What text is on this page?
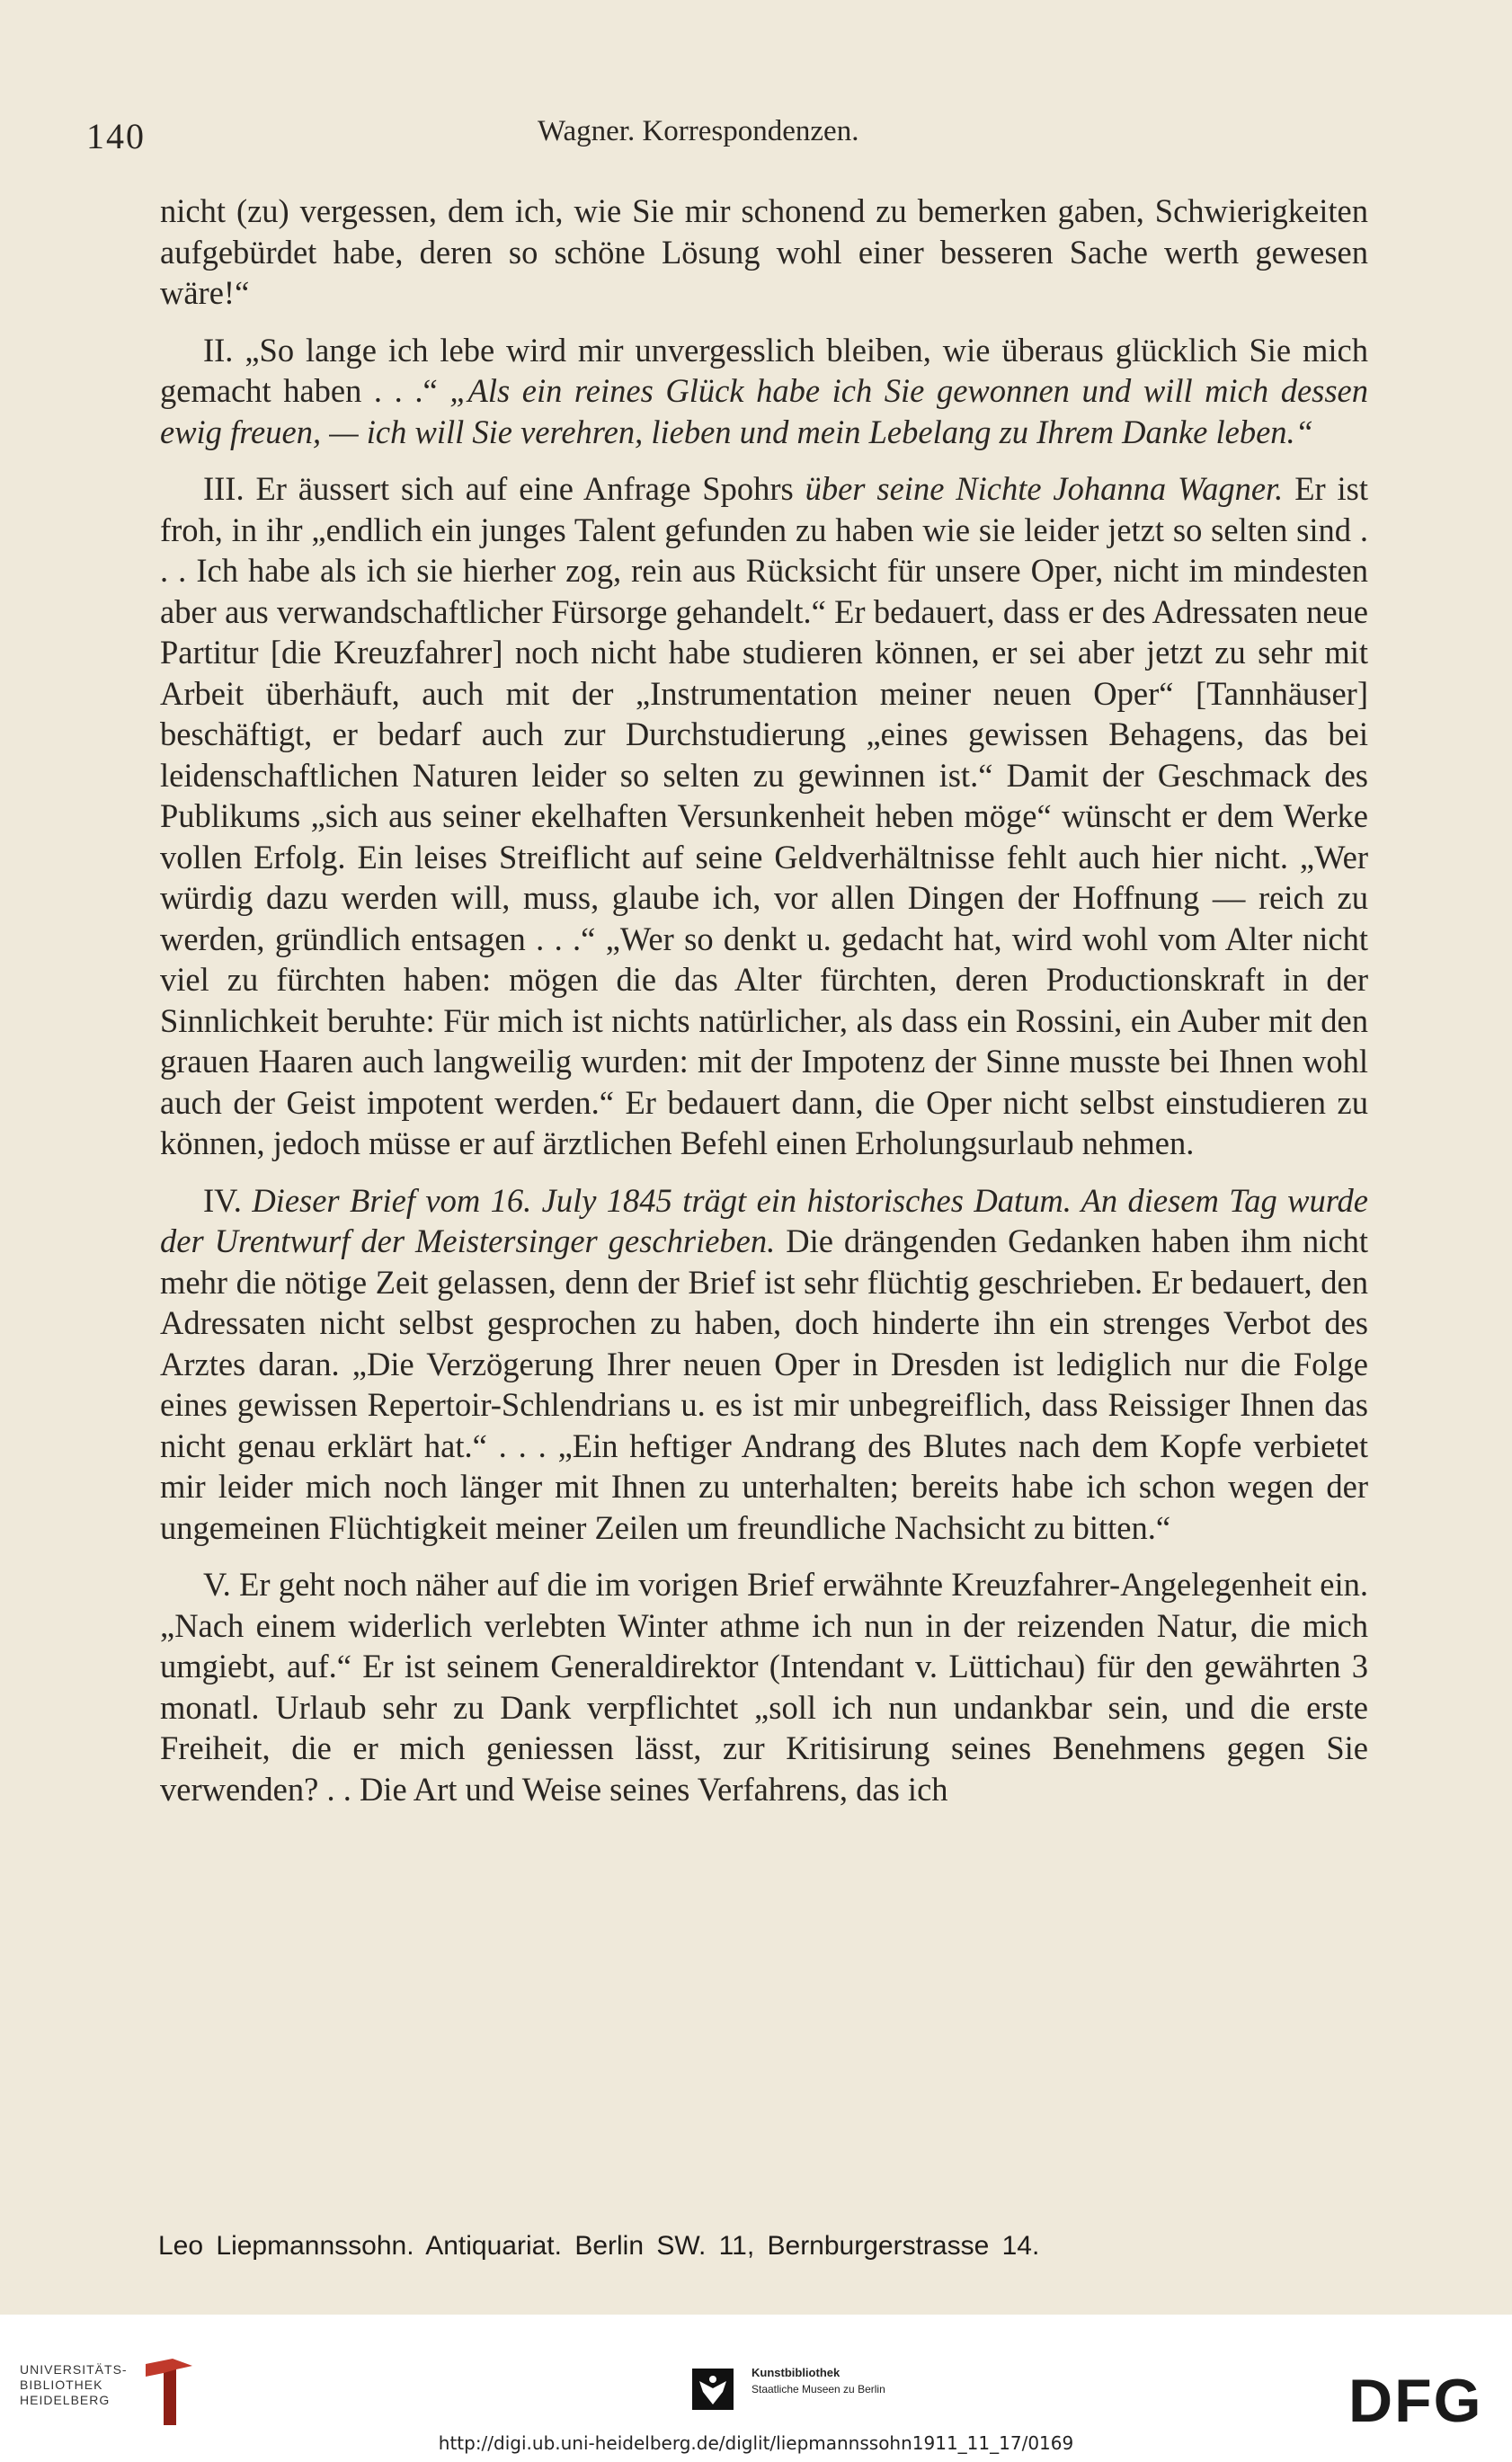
140	Wagner. Korrespondenzen.

nicht (zu) vergessen, dem ich, wie Sie mir schonend zu bemerken gaben, Schwierigkeiten aufgebürdet habe, deren so schöne Lösung wohl einer besseren Sache werth gewesen wäre!“

II. „So lange ich lebe wird mir unvergesslich bleiben, wie überaus glücklich Sie mich gemacht haben . . .“ „Als ein reines Glück habe ich Sie gewonnen und will mich dessen ewig freuen, — ich will Sie verehren, lieben und mein Lebelang zu Ihrem Danke leben.“

III. Er äussert sich auf eine Anfrage Spohrs über seine Nichte Johanna Wagner. Er ist froh, in ihr „endlich ein junges Talent gefunden zu haben wie sie leider jetzt so selten sind . . . Ich habe als ich sie hierher zog, rein aus Rücksicht für unsere Oper, nicht im mindesten aber aus verwandschaftlicher Fürsorge gehandelt.“ Er bedauert, dass er des Adressaten neue Partitur [die Kreuzfahrer] noch nicht habe studieren können, er sei aber jetzt zu sehr mit Arbeit überhäuft, auch mit der „Instrumentation meiner neuen Oper“ [Tannhäuser] beschäftigt, er bedarf auch zur Durchstudierung „eines gewissen Behagens, das bei leidenschaftlichen Naturen leider so selten zu gewinnen ist.“ Damit der Geschmack des Publikums „sich aus seiner ekelhaften Versunkenheit heben möge“ wünscht er dem Werke vollen Erfolg. Ein leises Streiflicht auf seine Geldverhältnisse fehlt auch hier nicht. „Wer würdig dazu werden will, muss, glaube ich, vor allen Dingen der Hoffnung — reich zu werden, gründlich entsagen . . .“ „Wer so denkt u. gedacht hat, wird wohl vom Alter nicht viel zu fürchten haben: mögen die das Alter fürchten, deren Productionskraft in der Sinnlichkeit beruhte: Für mich ist nichts natürlicher, als dass ein Rossini, ein Auber mit den grauen Haaren auch langweilig wurden: mit der Impotenz der Sinne musste bei Ihnen wohl auch der Geist impotent werden.“ Er bedauert dann, die Oper nicht selbst einstudieren zu können, jedoch müsse er auf ärztlichen Befehl einen Erholungsurlaub nehmen.

IV. Dieser Brief vom 16. July 1845 trägt ein historisches Datum. An diesem Tag wurde der Urentwurf der Meistersinger geschrieben. Die drängenden Gedanken haben ihm nicht mehr die nötige Zeit gelassen, denn der Brief ist sehr flüchtig geschrieben. Er bedauert, den Adressaten nicht selbst gesprochen zu haben, doch hinderte ihn ein strenges Verbot des Arztes daran. „Die Verzögerung Ihrer neuen Oper in Dresden ist lediglich nur die Folge eines gewissen Repertoir-Schlendrians u. es ist mir unbegreiflich, dass Reissiger Ihnen das nicht genau erklärt hat.“ . . . „Ein heftiger Andrang des Blutes nach dem Kopfe verbietet mir leider mich noch länger mit Ihnen zu unterhalten; bereits habe ich schon wegen der ungemeinen Flüchtigkeit meiner Zeilen um freundliche Nachsicht zu bitten.“

V. Er geht noch näher auf die im vorigen Brief erwähnte Kreuzfahrer-Angelegenheit ein. „Nach einem widerlich verlebten Winter athme ich nun in der reizenden Natur, die mich umgiebt, auf.“ Er ist seinem Generaldirektor (Intendant v. Lüttichau) für den gewährten 3 monatl. Urlaub sehr zu Dank verpflichtet „soll ich nun undankbar sein, und die erste Freiheit, die er mich geniessen lässt, zur Kritisirung seines Benehmens gegen Sie verwenden? . . Die Art und Weise seines Verfahrens, das ich

Leo Liepmannssohn. Antiquariat. Berlin SW. 11, Bernburgerstrasse 14.
UNIVERSITÄTS-
BIBLIOTHEK
HEIDELBERG
Kunstbibliothek
Staatliche Museen zu Berlin	DFG
http://digi.ub.uni-heidelberg.de/diglit/liepmannssohn1911_11_17/0169
